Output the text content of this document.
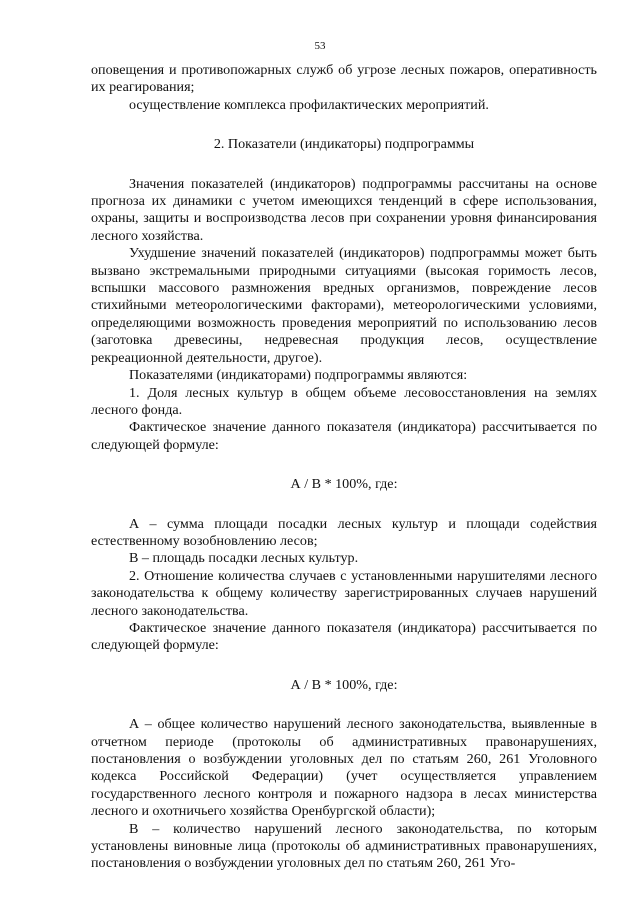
53

оповещения и противопожарных служб об угрозе лесных пожаров, оперативность их реагирования;

осуществление комплекса профилактических мероприятий.

2. Показатели (индикаторы) подпрограммы

Значения показателей (индикаторов) подпрограммы рассчитаны на основе прогноза их динамики с учетом имеющихся тенденций в сфере использования, охраны, защиты и воспроизводства лесов при сохранении уровня финансирования лесного хозяйства.

Ухудшение значений показателей (индикаторов) подпрограммы может быть вызвано экстремальными природными ситуациями (высокая горимость лесов, вспышки массового размножения вредных организмов, повреждение лесов стихийными метеорологическими факторами), метеорологическими условиями, определяющими возможность проведения мероприятий по использованию лесов (заготовка древесины, недревесная продукция лесов, осуществление рекреационной деятельности, другое).

Показателями (индикаторами) подпрограммы являются:

1. Доля лесных культур в общем объеме лесовосстановления на землях лесного фонда.

Фактическое значение данного показателя (индикатора) рассчитывается по следующей формуле:

А / В * 100%, где:

А – сумма площади посадки лесных культур и площади содействия естественному возобновлению лесов;

В – площадь посадки лесных культур.

2. Отношение количества случаев с установленными нарушителями лесного законодательства к общему количеству зарегистрированных случаев нарушений лесного законодательства.

Фактическое значение данного показателя (индикатора) рассчитывается по следующей формуле:

А / В * 100%, где:

А – общее количество нарушений лесного законодательства, выявленные в отчетном периоде (протоколы об административных правонарушениях, постановления о возбуждении уголовных дел по статьям 260, 261 Уголовного кодекса Российской Федерации) (учет осуществляется управлением государственного лесного контроля и пожарного надзора в лесах министерства лесного и охотничьего хозяйства Оренбургской области);

В – количество нарушений лесного законодательства, по которым установлены виновные лица (протоколы об административных правонарушениях, постановления о возбуждении уголовных дел по статьям 260, 261 Уго-
